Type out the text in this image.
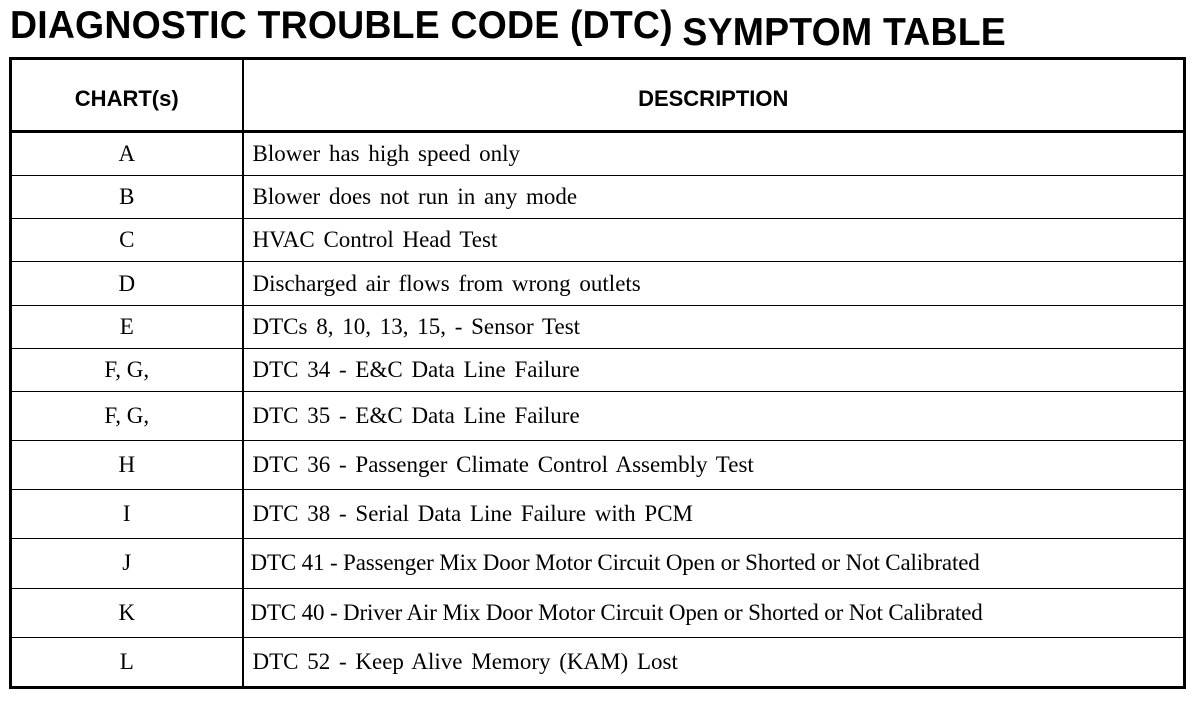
DIAGNOSTIC TROUBLE CODE (DTC) SYMPTOM TABLE
CHART(s)	DESCRIPTION
A	Blower has high speed only
B	Blower does not run in any mode
C	HVAC Control Head Test
D	Discharged air flows from wrong outlets
E	DTCs 8, 10, 13, 15, - Sensor Test
F, G,	DTC 34 - E&C Data Line Failure
F, G,	DTC 35 - E&C Data Line Failure
H	DTC 36 - Passenger Climate Control Assembly Test
I	DTC 38 - Serial Data Line Failure with PCM
J	DTC 41 - Passenger Mix Door Motor Circuit Open or Shorted or Not Calibrated
K	DTC 40 - Driver Air Mix Door Motor Circuit Open or Shorted or Not Calibrated
L	DTC 52 - Keep Alive Memory (KAM) Lost
